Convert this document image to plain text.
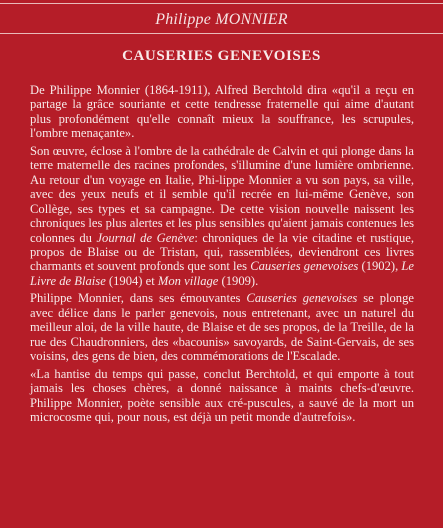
Philippe MONNIER
CAUSERIES GENEVOISES

De Philippe Monnier (1864-1911), Alfred Berchtold dira «qu'il a reçu en partage la grâce souriante et cette tendresse fraternelle qui aime d'autant plus profondément qu'elle connaît mieux la souffrance, les scrupules, l'ombre menaçante».

Son œuvre, éclose à l'ombre de la cathédrale de Calvin et qui plonge dans la terre maternelle des racines profondes, s'illumine d'une lumière ombrienne. Au retour d'un voyage en Italie, Phi-lippe Monnier a vu son pays, sa ville, avec des yeux neufs et il semble qu'il recrée en lui-même Genève, son Collège, ses types et sa campagne. De cette vision nouvelle naissent les chroniques les plus alertes et les plus sensibles qu'aient jamais contenues les colonnes du Journal de Genève: chroniques de la vie citadine et rustique, propos de Blaise ou de Tristan, qui, rassemblées, deviendront ces livres charmants et souvent profonds que sont les Causeries genevoises (1902), Le Livre de Blaise (1904) et Mon village (1909).

Philippe Monnier, dans ses émouvantes Causeries genevoises se plonge avec délice dans le parler genevois, nous entretenant, avec un naturel du meilleur aloi, de la ville haute, de Blaise et de ses propos, de la Treille, de la rue des Chaudronniers, des «bacounis» savoyards, de Saint-Gervais, de ses voisins, des gens de bien, des commémorations de l'Escalade.

«La hantise du temps qui passe, conclut Berchtold, et qui emporte à tout jamais les choses chères, a donné naissance à maints chefs-d'œuvre. Philippe Monnier, poète sensible aux cré-puscules, a sauvé de la mort un microcosme qui, pour nous, est déjà un petit monde d'autrefois».
